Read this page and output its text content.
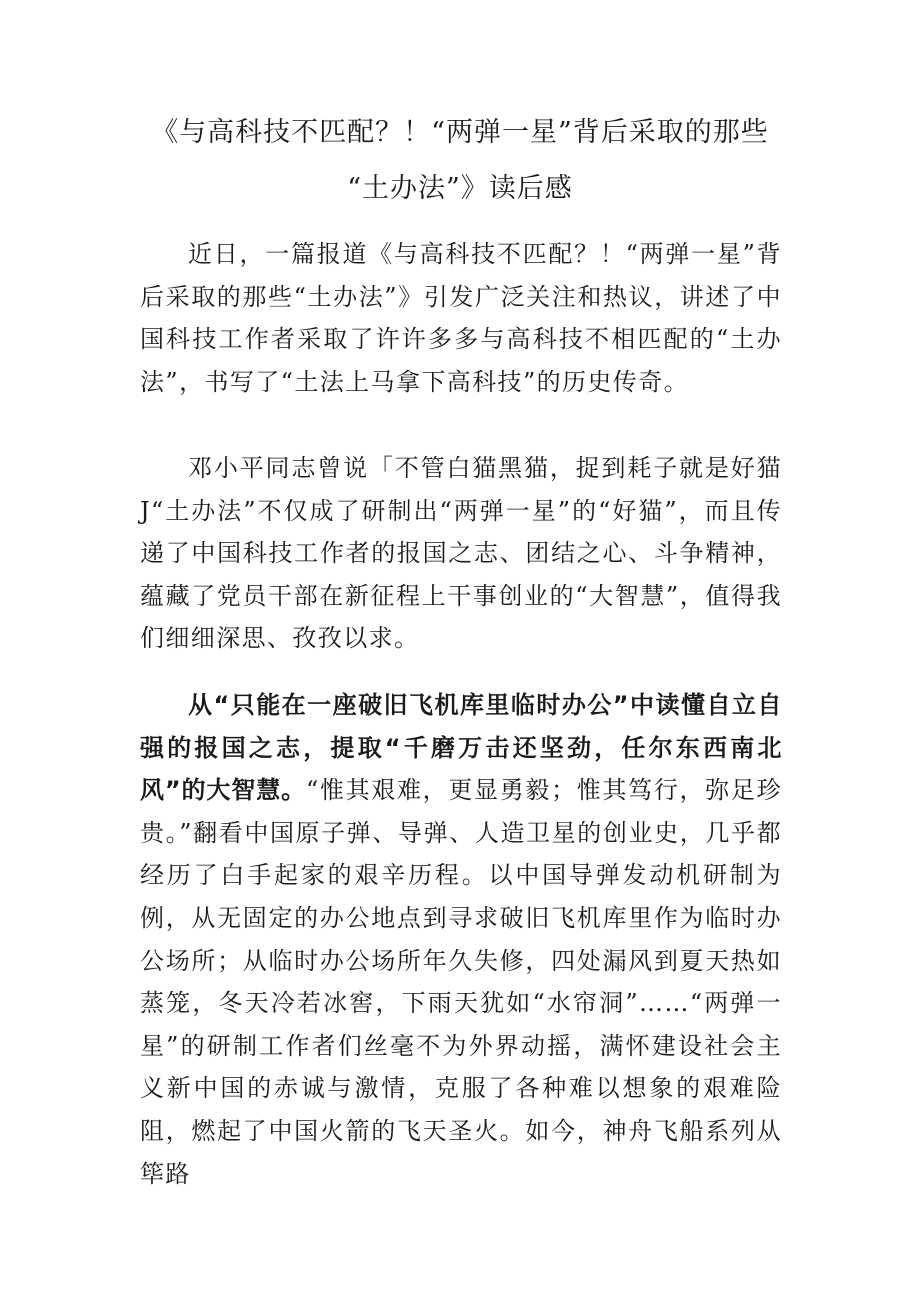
《与高科技不匹配？！“两弹一星”背后采取的那些
“土办法”》读后感

近日，一篇报道《与高科技不匹配？！“两弹一星”背后采取的那些“土办法”》引发广泛关注和热议，讲述了中国科技工作者采取了许许多多与高科技不相匹配的“土办法”，书写了“土法上马拿下高科技”的历史传奇。

邓小平同志曾说「不管白猫黑猫，捉到耗子就是好猫J“土办法”不仅成了研制出“两弹一星”的“好猫”，而且传递了中国科技工作者的报国之志、团结之心、斗争精神，蕴藏了党员干部在新征程上干事创业的“大智慧”，值得我们细细深思、孜孜以求。

从“只能在一座破旧飞机库里临时办公”中读懂自立自强的报国之志，提取“千磨万击还坚劲，任尔东西南北风”的大智慧。“惟其艰难，更显勇毅；惟其笃行，弥足珍贵。”翻看中国原子弹、导弹、人造卫星的创业史，几乎都经历了白手起家的艰辛历程。以中国导弹发动机研制为例，从无固定的办公地点到寻求破旧飞机库里作为临时办公场所；从临时办公场所年久失修，四处漏风到夏天热如蒸笼，冬天冷若冰窖，下雨天犹如“水帘洞”……“两弹一星”的研制工作者们丝毫不为外界动摇，满怀建设社会主义新中国的赤诚与激情，克服了各种难以想象的艰难险阻，燃起了中国火箭的飞天圣火。如今，神舟飞船系列从筚路
